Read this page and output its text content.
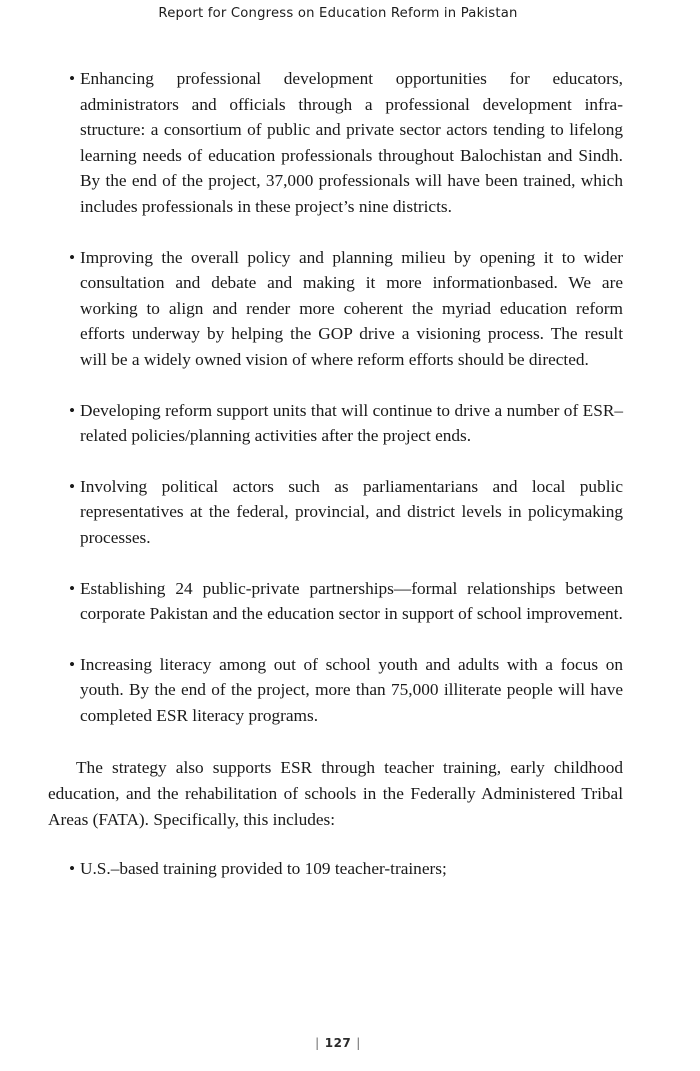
Report for Congress on Education Reform in Pakistan
• Enhancing professional development opportunities for educators, administrators and officials through a professional development infrastructure: a consortium of public and private sector actors tending to lifelong learning needs of education professionals throughout Balochistan and Sindh. By the end of the project, 37,000 professionals will have been trained, which includes professionals in these project’s nine districts.
• Improving the overall policy and planning milieu by opening it to wider consultation and debate and making it more informationbased. We are working to align and render more coherent the myriad education reform efforts underway by helping the GOP drive a visioning process. The result will be a widely owned vision of where reform efforts should be directed.
• Developing reform support units that will continue to drive a number of ESR–related policies/planning activities after the project ends.
• Involving political actors such as parliamentarians and local public representatives at the federal, provincial, and district levels in policymaking processes.
• Establishing 24 public-private partnerships—formal relationships between corporate Pakistan and the education sector in support of school improvement.
• Increasing literacy among out of school youth and adults with a focus on youth. By the end of the project, more than 75,000 illiterate people will have completed ESR literacy programs.

The strategy also supports ESR through teacher training, early childhood education, and the rehabilitation of schools in the Federally Administered Tribal Areas (FATA). Specifically, this includes:

• U.S.–based training provided to 109 teacher-trainers;
| 127 |
